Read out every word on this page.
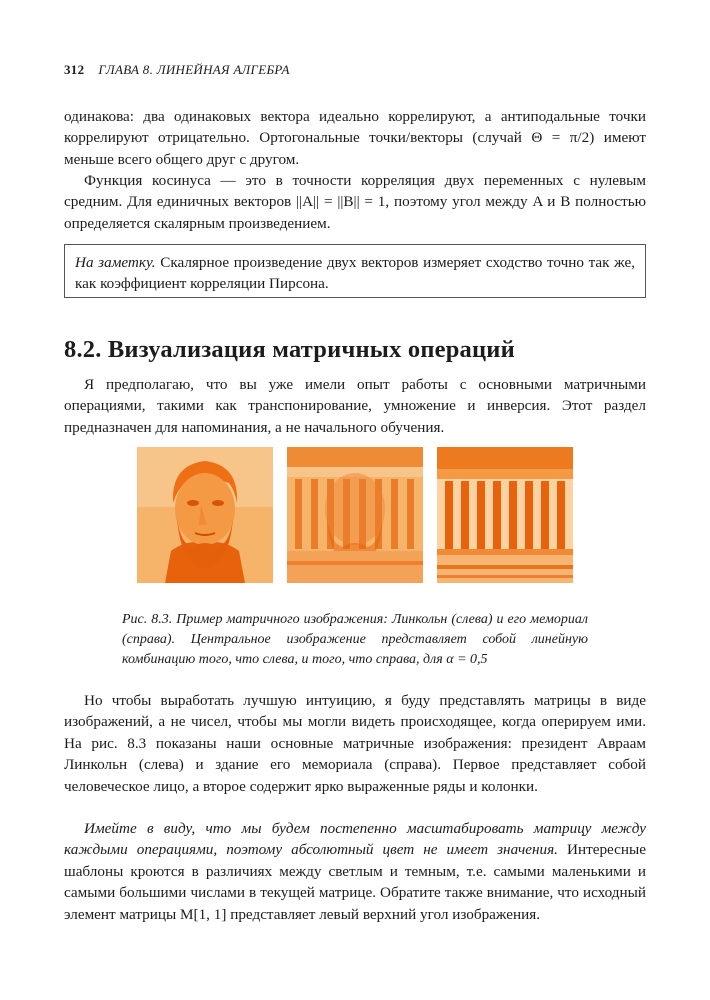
312 ГЛАВА 8. ЛИНЕЙНАЯ АЛГЕБРА

одинакова: два одинаковых вектора идеально коррелируют, а антиподальные точки коррелируют отрицательно. Ортогональные точки/векторы (случай Θ = π/2) имеют меньше всего общего друг с другом.

Функция косинуса — это в точности корреляция двух переменных с нулевым средним. Для единичных векторов ||A|| = ||B|| = 1, поэтому угол между A и B полностью определяется скалярным произведением.

На заметку. Скалярное произведение двух векторов измеряет сходство точно так же, как коэффициент корреляции Пирсона.
8.2. Визуализация матричных операций

Я предполагаю, что вы уже имели опыт работы с основными матричными операциями, такими как транспонирование, умножение и инверсия. Этот раздел предназначен для напоминания, а не начального обучения.

Рис. 8.3. Пример матричного изображения: Линкольн (слева) и его мемориал (справа). Центральное изображение представляет собой линейную комбинацию того, что слева, и того, что справа, для α = 0,5

Но чтобы выработать лучшую интуицию, я буду представлять матрицы в виде изображений, а не чисел, чтобы мы могли видеть происходящее, когда оперируем ими. На рис. 8.3 показаны наши основные матричные изображения: президент Авраам Линкольн (слева) и здание его мемориала (справа). Первое представляет собой человеческое лицо, а второе содержит ярко выраженные ряды и колонки.

Имейте в виду, что мы будем постепенно масштабировать матрицу между каждыми операциями, поэтому абсолютный цвет не имеет значения. Интересные шаблоны кроются в различиях между светлым и темным, т.е. самыми маленькими и самыми большими числами в текущей матрице. Обратите также внимание, что исходный элемент матрицы M[1, 1] представляет левый верхний угол изображения.
